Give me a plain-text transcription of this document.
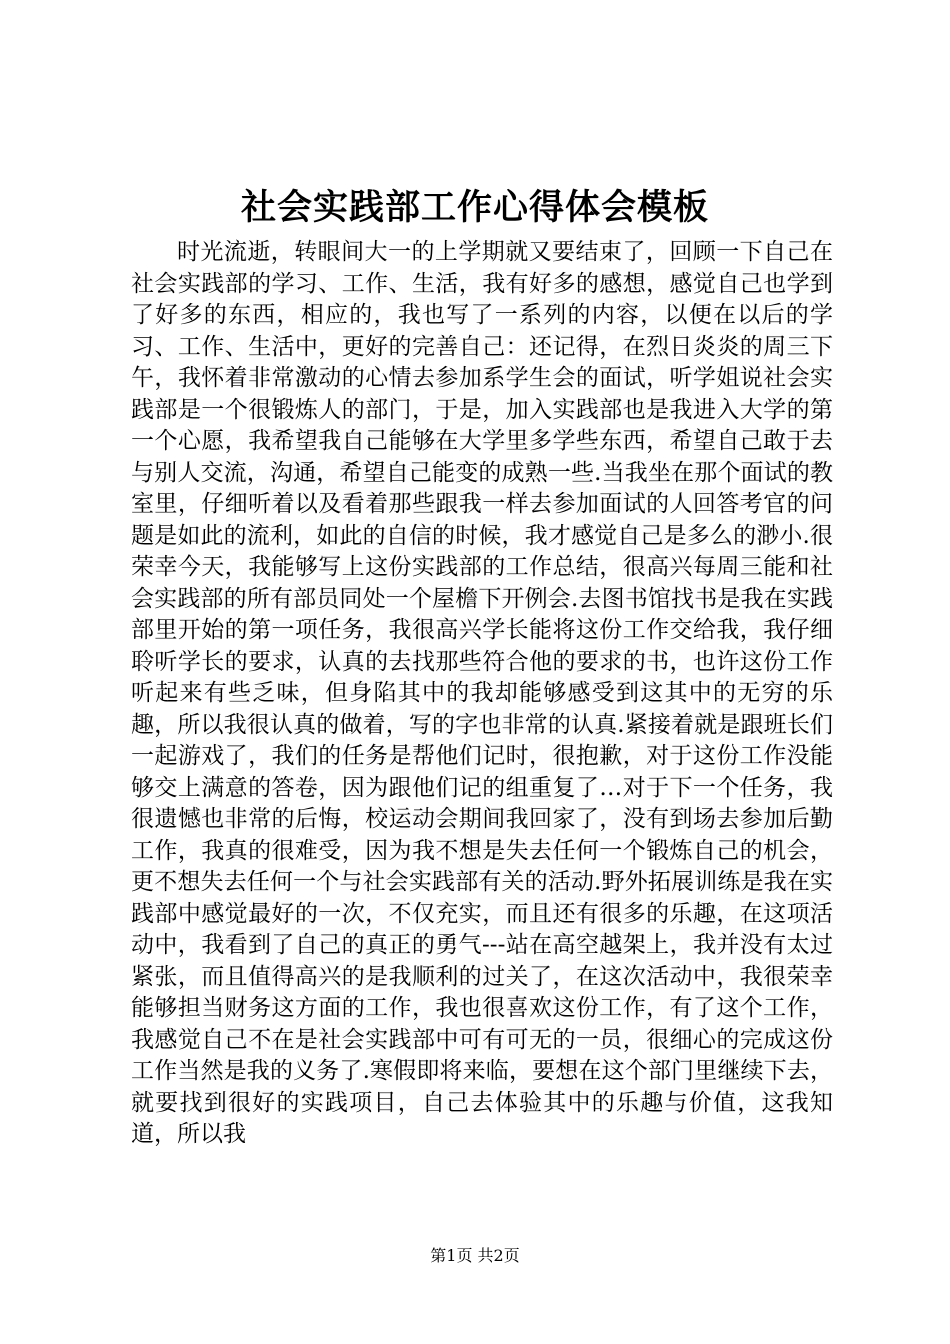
社会实践部工作心得体会模板

时光流逝，转眼间大一的上学期就又要结束了，回顾一下自己在社会实践部的学习、工作、生活，我有好多的感想，感觉自己也学到了好多的东西，相应的，我也写了一系列的内容，以便在以后的学习、工作、生活中，更好的完善自己：还记得，在烈日炎炎的周三下午，我怀着非常激动的心情去参加系学生会的面试，听学姐说社会实践部是一个很锻炼人的部门，于是，加入实践部也是我进入大学的第一个心愿，我希望我自己能够在大学里多学些东西，希望自己敢于去与别人交流，沟通，希望自己能变的成熟一些.当我坐在那个面试的教室里，仔细听着以及看着那些跟我一样去参加面试的人回答考官的问题是如此的流利，如此的自信的时候，我才感觉自己是多么的渺小.很荣幸今天，我能够写上这份实践部的工作总结，很高兴每周三能和社会实践部的所有部员同处一个屋檐下开例会.去图书馆找书是我在实践部里开始的第一项任务，我很高兴学长能将这份工作交给我，我仔细聆听学长的要求，认真的去找那些符合他的要求的书，也许这份工作听起来有些乏味，但身陷其中的我却能够感受到这其中的无穷的乐趣，所以我很认真的做着，写的字也非常的认真.紧接着就是跟班长们一起游戏了，我们的任务是帮他们记时，很抱歉，对于这份工作没能够交上满意的答卷，因为跟他们记的组重复了…对于下一个任务，我很遗憾也非常的后悔，校运动会期间我回家了，没有到场去参加后勤工作，我真的很难受，因为我不想是失去任何一个锻炼自己的机会，更不想失去任何一个与社会实践部有关的活动.野外拓展训练是我在实践部中感觉最好的一次，不仅充实，而且还有很多的乐趣，在这项活动中，我看到了自己的真正的勇气---站在高空越架上，我并没有太过紧张，而且值得高兴的是我顺利的过关了，在这次活动中，我很荣幸能够担当财务这方面的工作，我也很喜欢这份工作，有了这个工作，我感觉自己不在是社会实践部中可有可无的一员，很细心的完成这份工作当然是我的义务了.寒假即将来临，要想在这个部门里继续下去，就要找到很好的实践项目，自己去体验其中的乐趣与价值，这我知道，所以我

第1页 共2页
